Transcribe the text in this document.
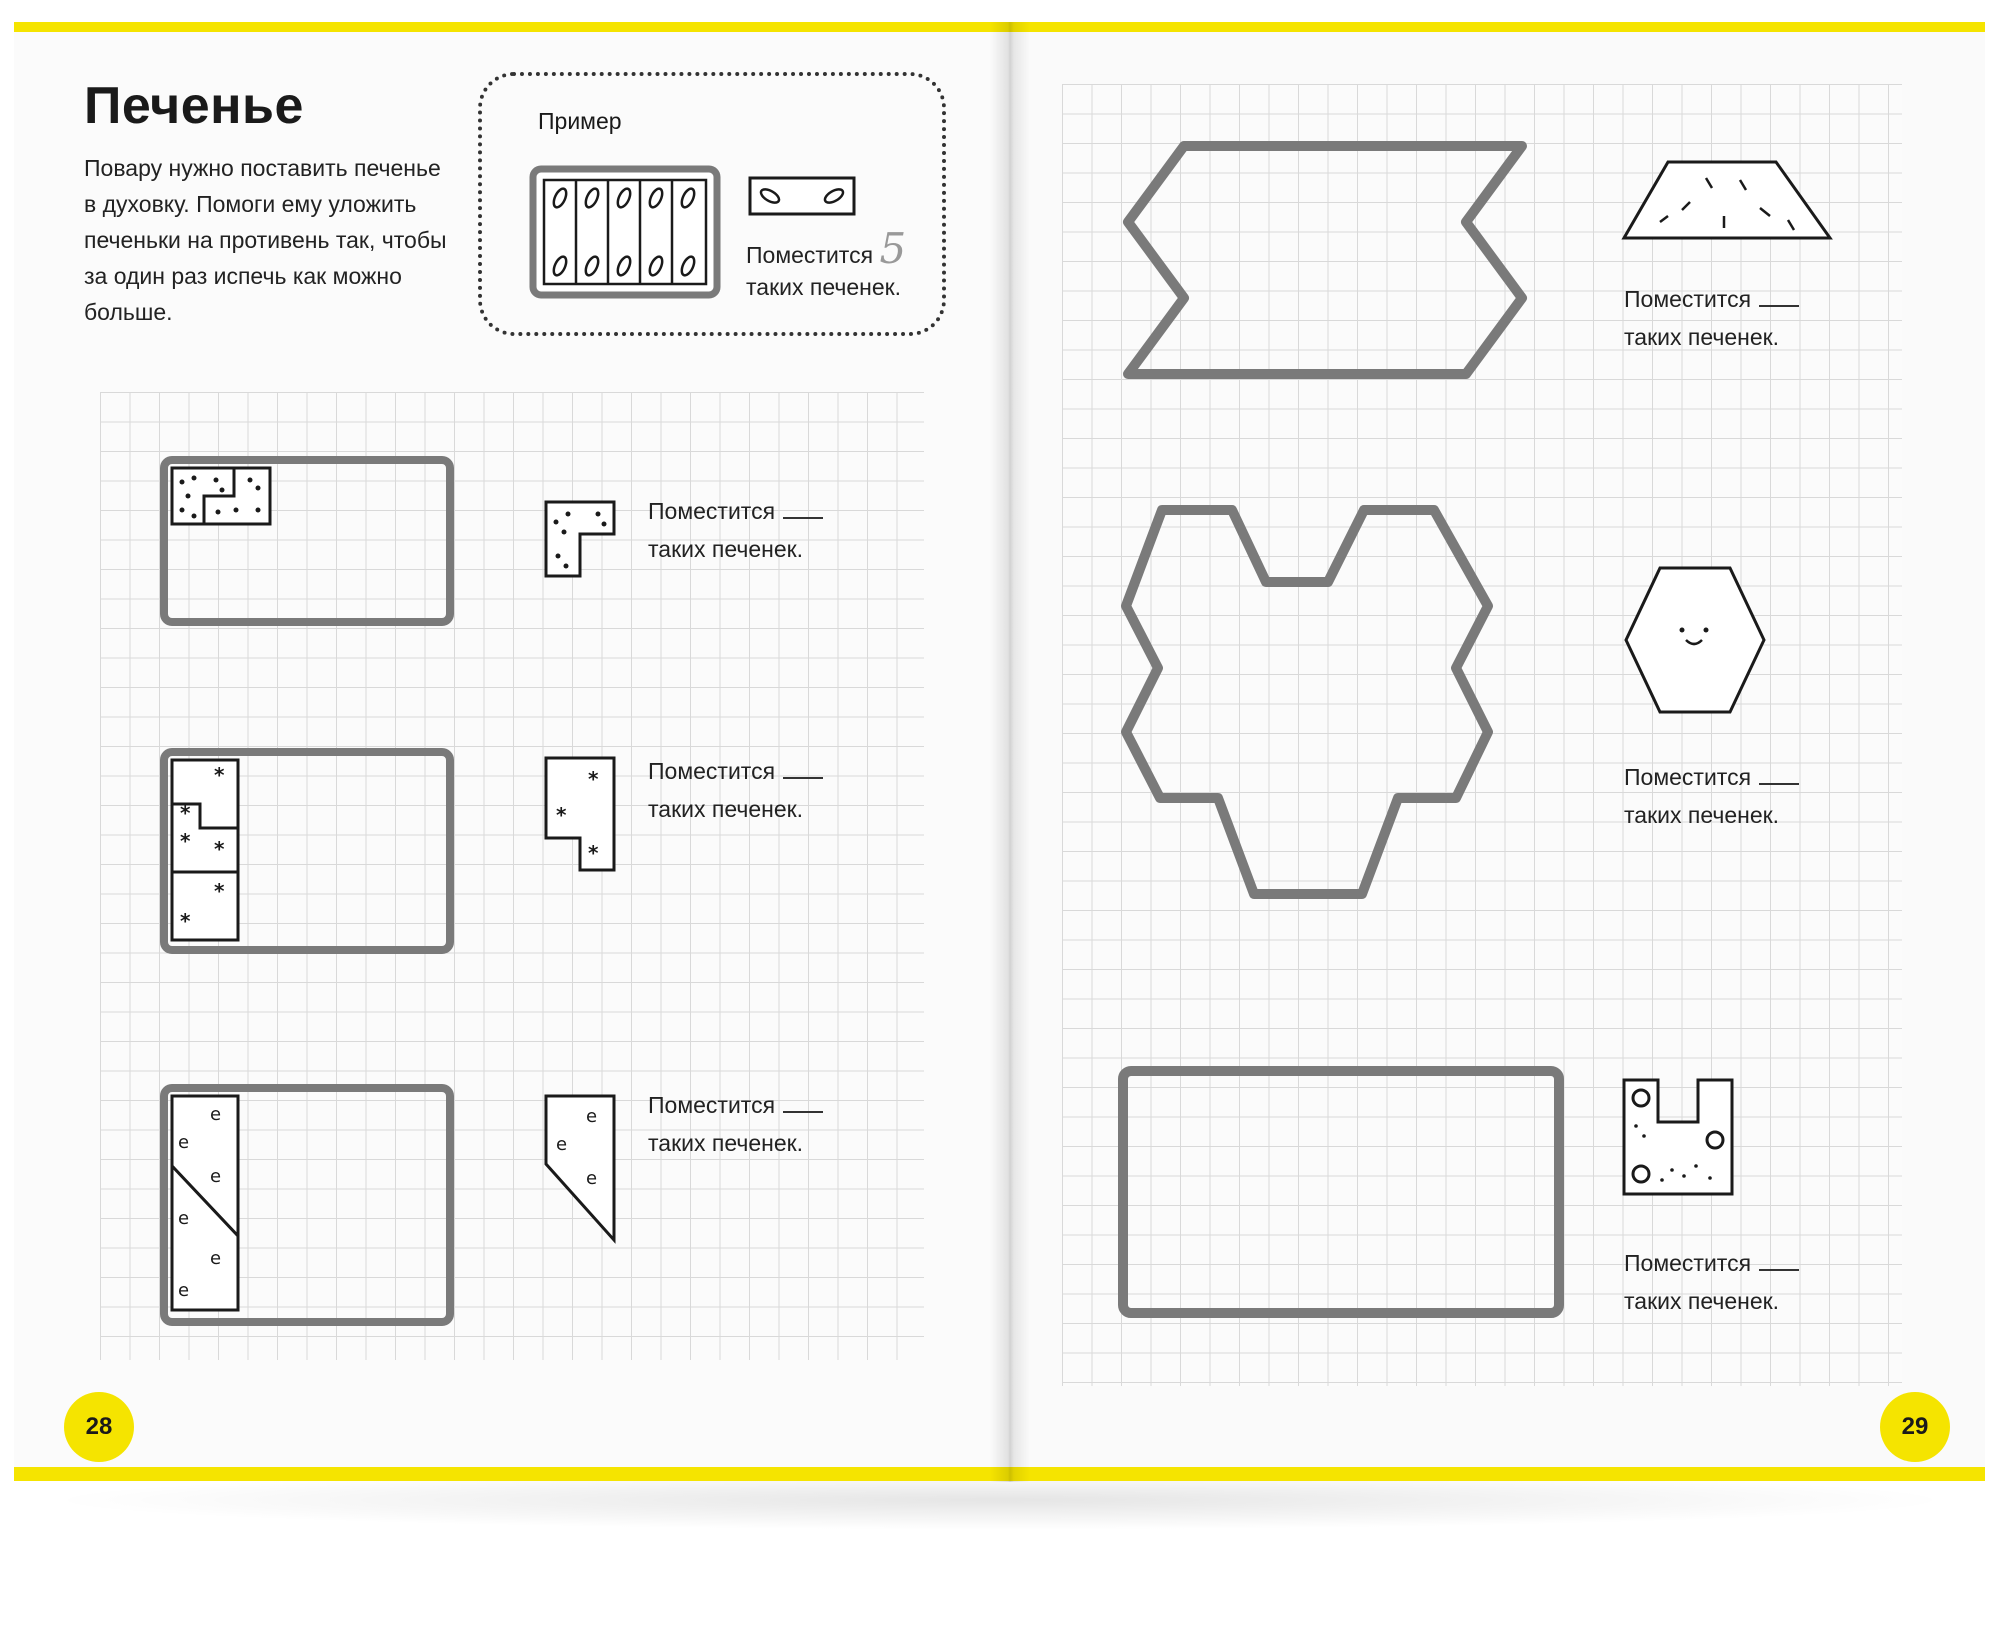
Печенье
Повару нужно поставить печенье в духовку. Помоги ему уложить печеньки на противень так, чтобы за один раз испечь как можно больше.
Пример
Поместится 5
таких печенек.
Поместится
таких печенек.
*
*
*
*
*
*
*
*
*
Поместится
таких печенек.
e
e
e
e
e
e
e
e
e
Поместится
таких печенек.
28
Поместится
таких печенек.
Поместится
таких печенек.
Поместится
таких печенек.
29
